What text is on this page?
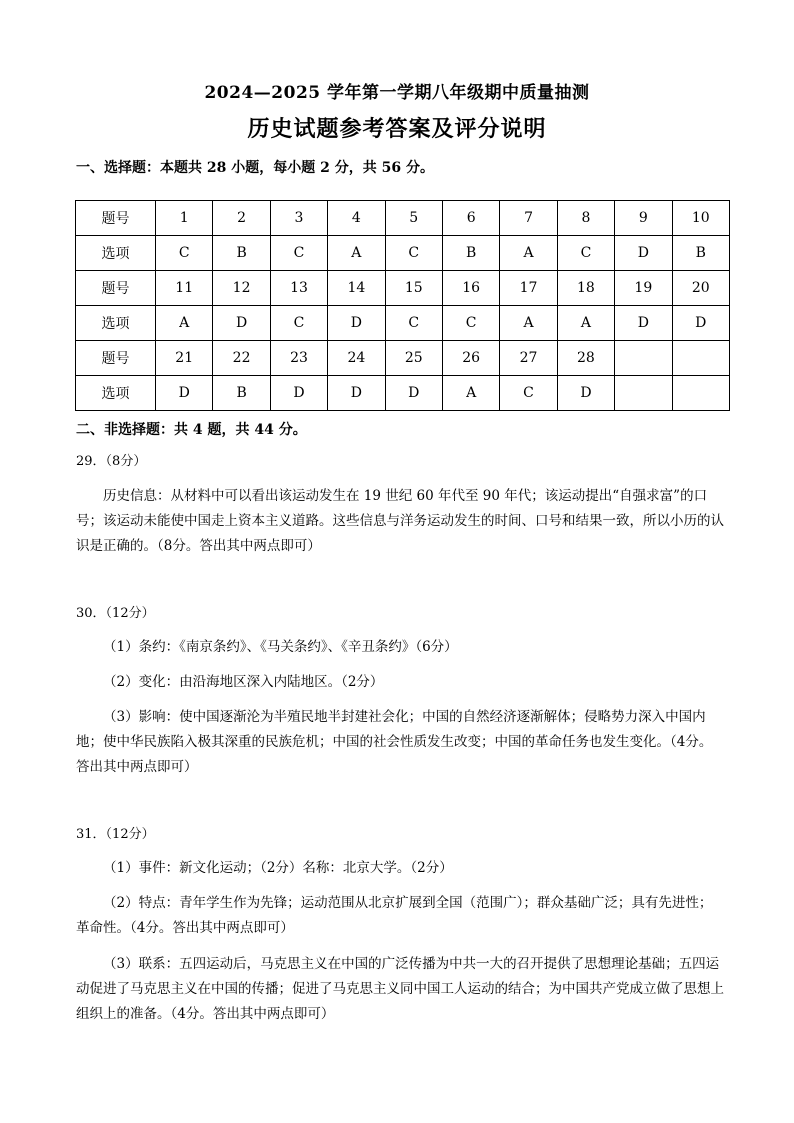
2024—2025 学年第一学期八年级期中质量抽测
历史试题参考答案及评分说明
一、选择题：本题共 28 小题，每小题 2 分，共 56 分。
题号	1	2	3	4	5	6	7	8	9	10
选项	C	B	C	A	C	B	A	C	D	B
题号	11	12	13	14	15	16	17	18	19	20
选项	A	D	C	D	C	C	A	A	D	D
题号	21	22	23	24	25	26	27	28		
选项	D	B	D	D	D	A	C	D		
二、非选择题：共 4 题，共 44 分。
29．（8分）

历史信息：从材料中可以看出该运动发生在 19 世纪 60 年代至 90 年代；该运动提出“自强求富”的口号；该运动未能使中国走上资本主义道路。这些信息与洋务运动发生的时间、口号和结果一致，所以小历的认识是正确的。（8分。答出其中两点即可）

30．（12分）
（1）条约：《南京条约》、《马关条约》、《辛丑条约》（6分）
（2）变化：由沿海地区深入内陆地区。（2分）
（3）影响：使中国逐渐沦为半殖民地半封建社会化；中国的自然经济逐渐解体；侵略势力深入中国内地；使中华民族陷入极其深重的民族危机；中国的社会性质发生改变；中国的革命任务也发生变化。（4分。答出其中两点即可）
31．（12分）
（1）事件：新文化运动；（2分）名称：北京大学。（2分）
（2）特点：青年学生作为先锋；运动范围从北京扩展到全国（范围广）；群众基础广泛；具有先进性；革命性。（4分。答出其中两点即可）
（3）联系：五四运动后，马克思主义在中国的广泛传播为中共一大的召开提供了思想理论基础；五四运动促进了马克思主义在中国的传播；促进了马克思主义同中国工人运动的结合；为中国共产党成立做了思想上组织上的准备。（4分。答出其中两点即可）
